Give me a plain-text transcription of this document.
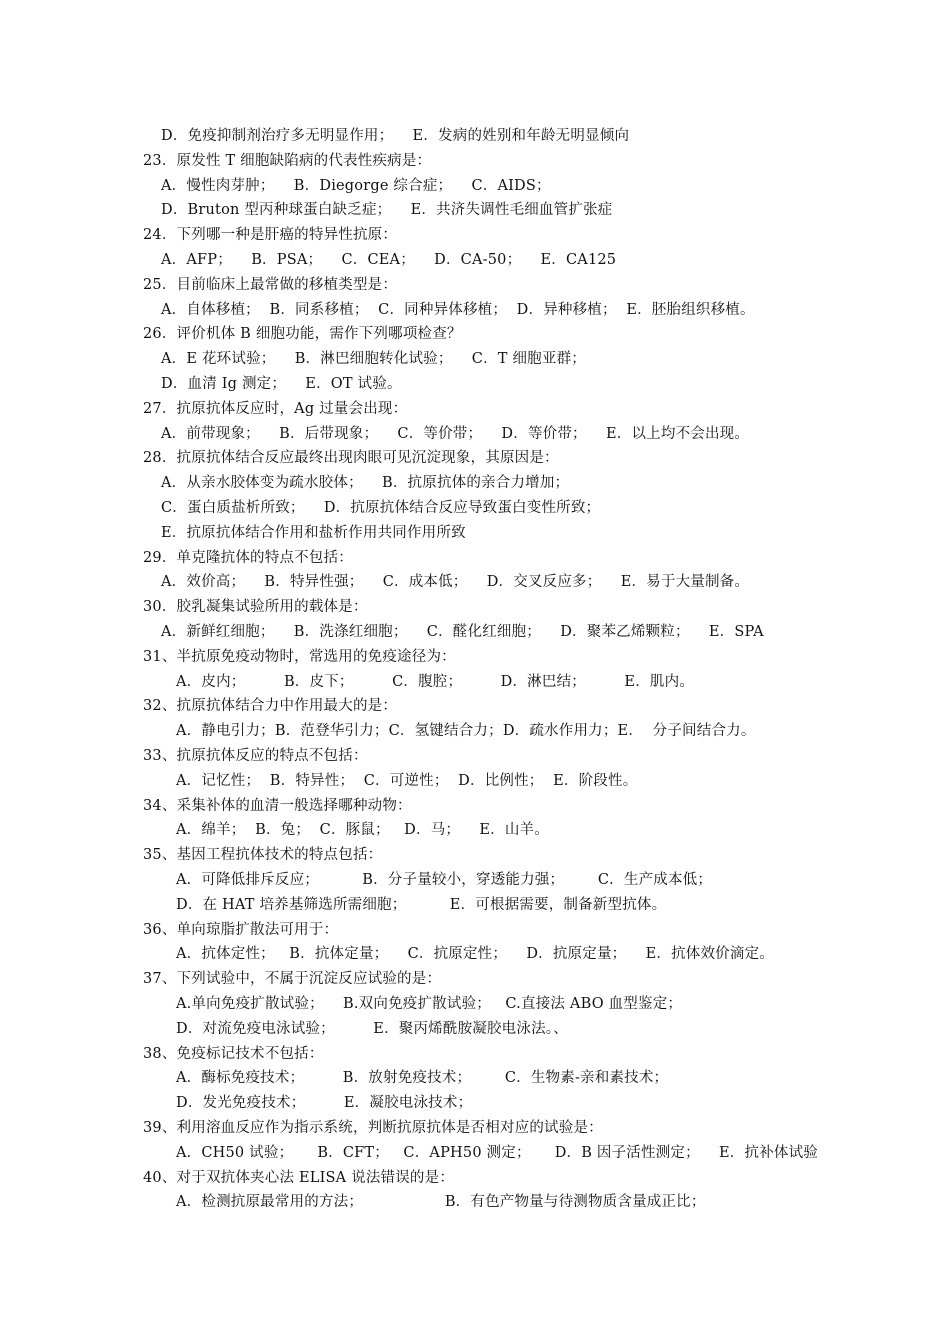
D．免疫抑制剂治疗多无明显作用；    E．发病的姓别和年龄无明显倾向
23．原发性 T 细胞缺陷病的代表性疾病是：
A．慢性肉芽肿；    B．Diegorge 综合症；    C．AIDS；
D．Bruton 型丙种球蛋白缺乏症；    E．共济失调性毛细血管扩张症
24．下列哪一种是肝癌的特异性抗原：
A．AFP；    B．PSA；    C．CEA；    D．CA-50；    E．CA125
25．目前临床上最常做的移植类型是：
A．自体移植；  B．同系移植；  C．同种异体移植；  D．异种移植；  E．胚胎组织移植。
26．评价机体 B 细胞功能，需作下列哪项检查？
A．E 花环试验；    B．淋巴细胞转化试验；    C．T 细胞亚群；
D．血清 Ig 测定；    E．OT 试验。
27．抗原抗体反应时，Ag 过量会出现：
A．前带现象；    B．后带现象；    C．等价带；    D．等价带；    E．以上均不会出现。
28．抗原抗体结合反应最终出现肉眼可见沉淀现象，其原因是：
A．从亲水胶体变为疏水胶体；    B．抗原抗体的亲合力增加；
C．蛋白质盐析所致；    D．抗原抗体结合反应导致蛋白变性所致；
E．抗原抗体结合作用和盐析作用共同作用所致
29．单克隆抗体的特点不包括：
A．效价高；    B．特异性强；    C．成本低；    D．交叉反应多；    E．易于大量制备。
30．胶乳凝集试验所用的载体是：
A．新鲜红细胞；    B．洗涤红细胞；    C．醛化红细胞；    D．聚苯乙烯颗粒；    E．SPA
31、半抗原免疫动物时，常选用的免疫途径为：
A．皮内；        B．皮下；        C．腹腔；        D．淋巴结；        E．肌内。
32、抗原抗体结合力中作用最大的是：
A．静电引力；B．范登华引力；C．氢键结合力；D．疏水作用力；E．  分子间结合力。
33、抗原抗体反应的特点不包括：
A．记忆性；  B．特异性；  C．可逆性；  D．比例性；  E．阶段性。
34、采集补体的血清一般选择哪种动物：
A．绵羊；  B．兔；  C．豚鼠；   D．马；    E．山羊。
35、基因工程抗体技术的特点包括：
A．可降低排斥反应；         B．分子量较小，穿透能力强；       C．生产成本低；
D．在 HAT 培养基筛选所需细胞；         E．可根据需要，制备新型抗体。
36、单向琼脂扩散法可用于：
A．抗体定性；   B．抗体定量；    C．抗原定性；    D．抗原定量；    E．抗体效价滴定。
37、下列试验中，不属于沉淀反应试验的是：
A.单向免疫扩散试验；    B.双向免疫扩散试验；   C.直接法 ABO 血型鉴定；
D．对流免疫电泳试验；        E．聚丙烯酰胺凝胶电泳法。、
38、免疫标记技术不包括：
A．酶标免疫技术；        B．放射免疫技术；       C．生物素-亲和素技术；
D．发光免疫技术；        E．凝胶电泳技术；
39、利用溶血反应作为指示系统，判断抗原抗体是否相对应的试验是：
A．CH50 试验；     B．CFT；   C．APH50 测定；     D．B 因子活性测定；    E．抗补体试验
40、对于双抗体夹心法 ELISA 说法错误的是：
A．检测抗原最常用的方法；                 B．有色产物量与待测物质含量成正比；
